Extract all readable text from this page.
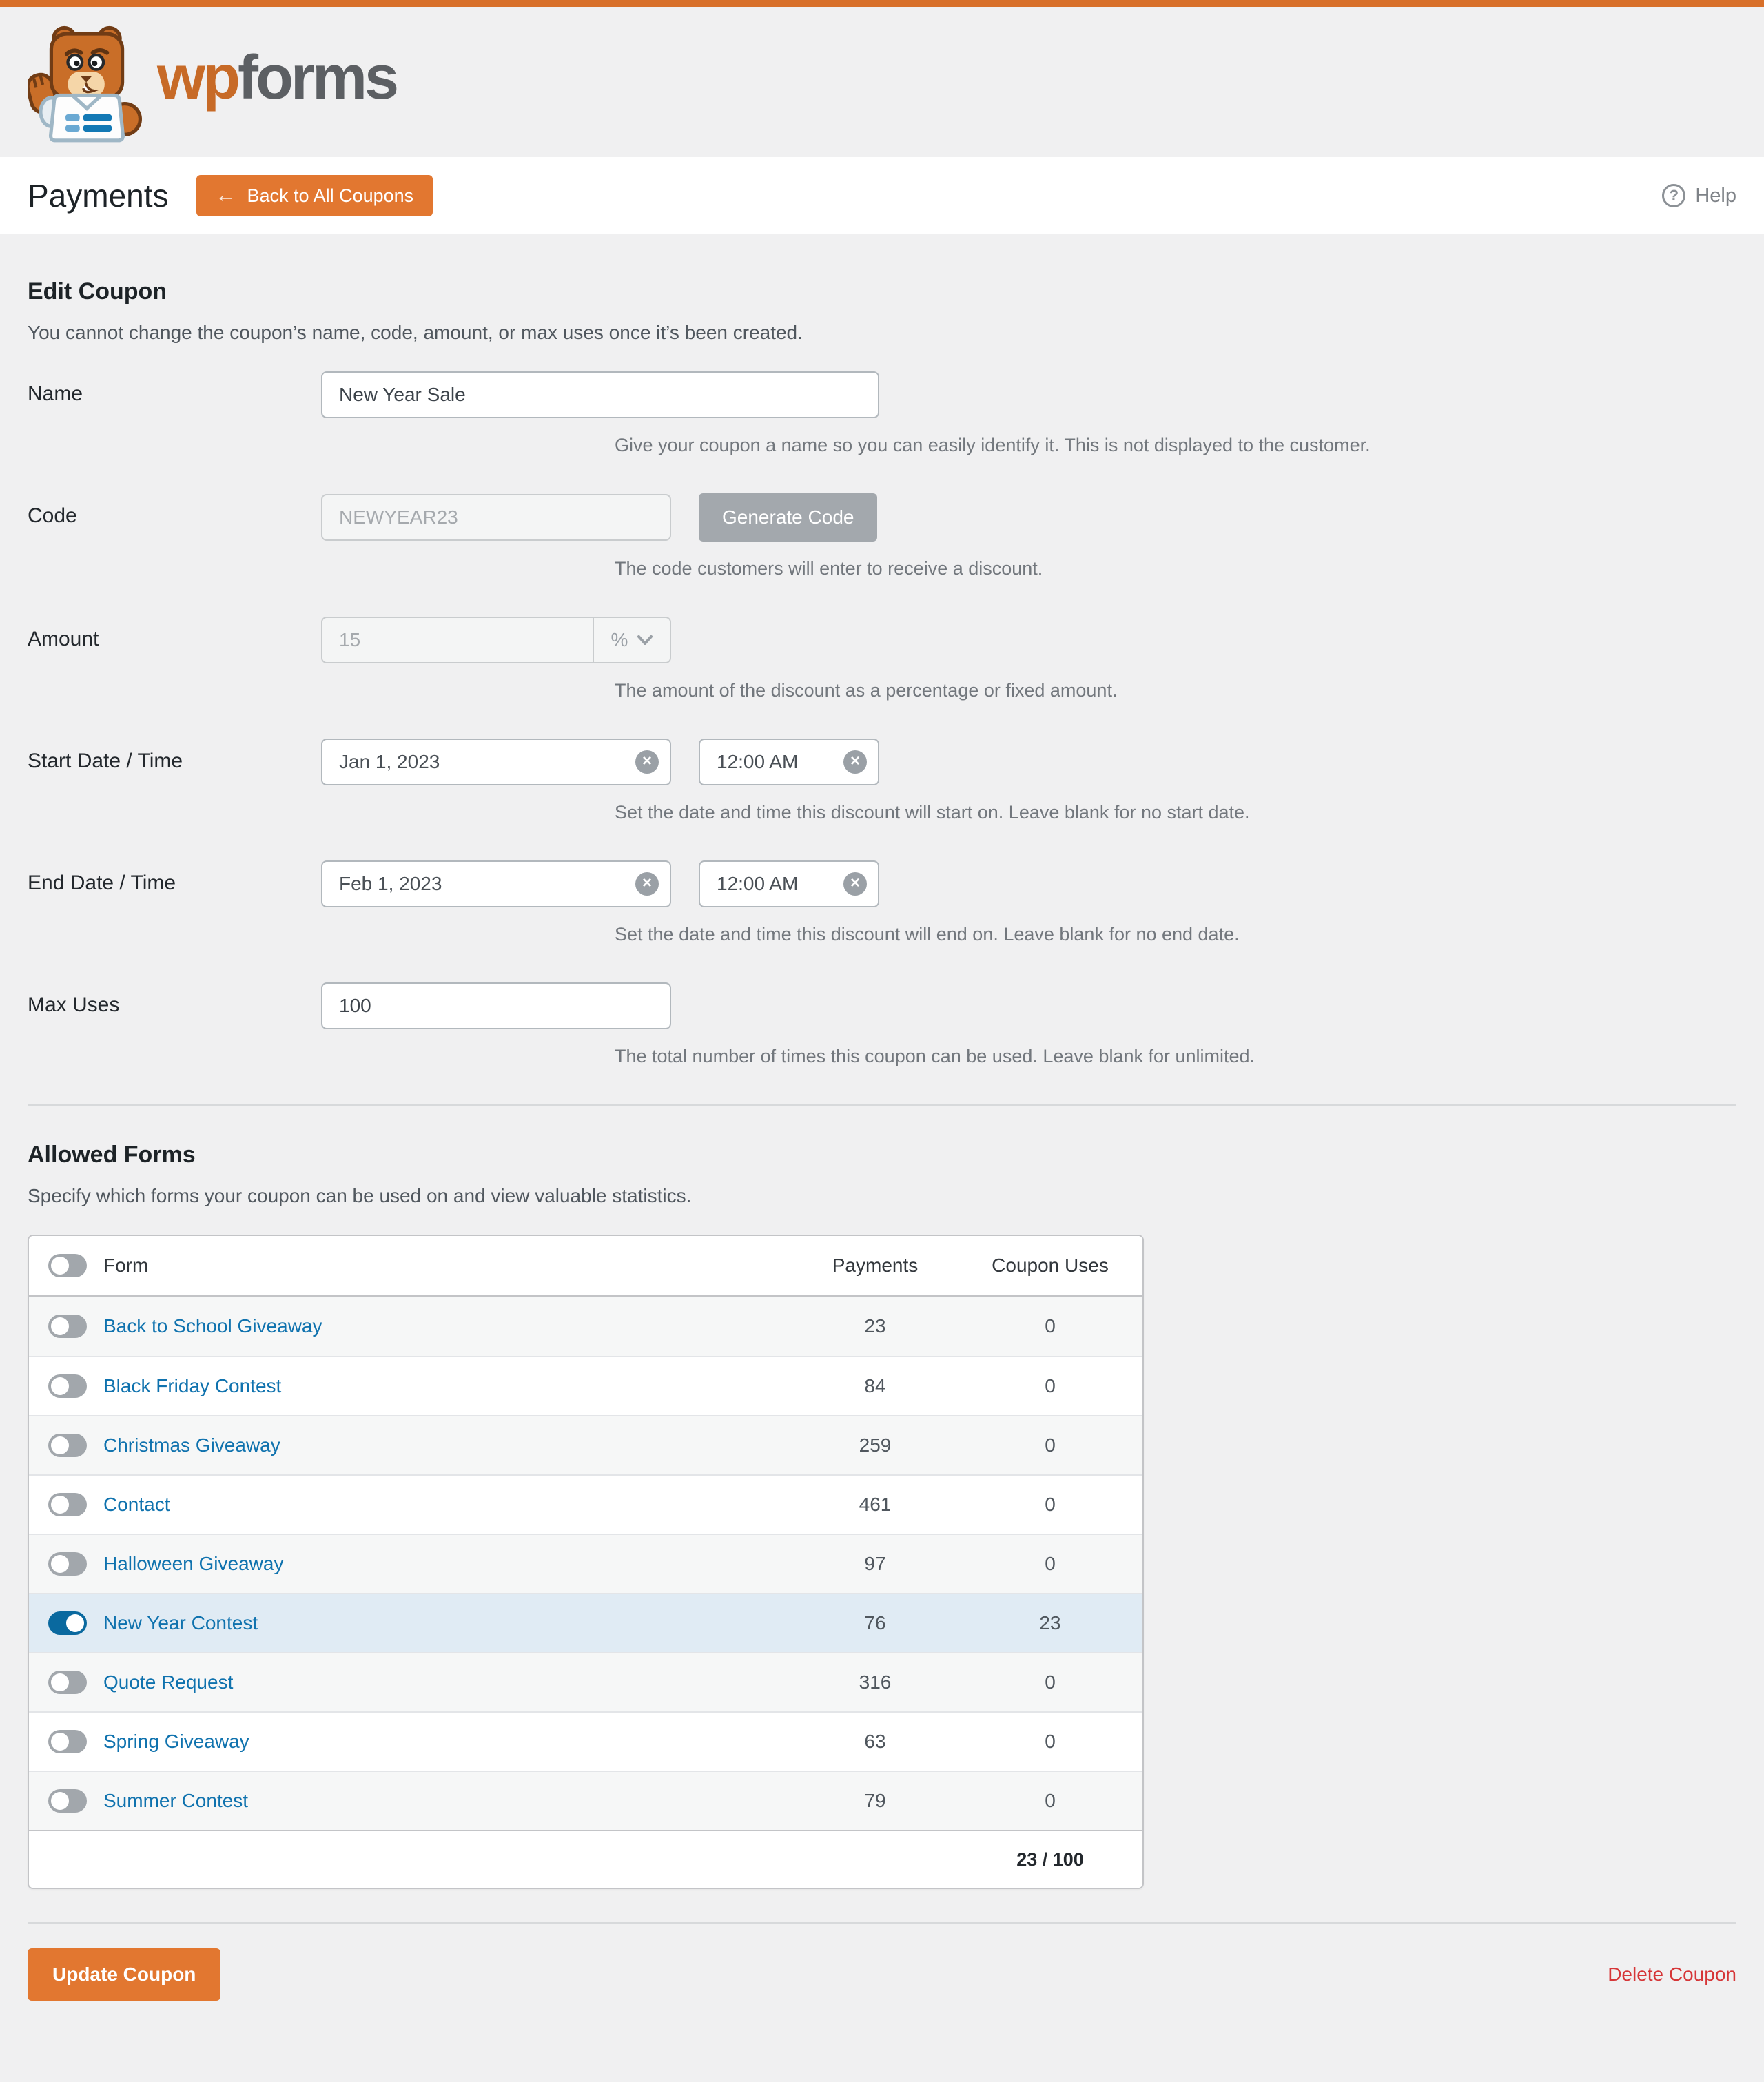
wpforms
Payments	← Back to All Coupons	?	Help
Edit Coupon

You cannot change the coupon’s name, code, amount, or max uses once it’s been created.

Name
New Year Sale
Give your coupon a name so you can easily identify it. This is not displayed to the customer.
Code
NEWYEAR23	Generate Code
The code customers will enter to receive a discount.
Amount	15	%
The amount of the discount as a percentage or fixed amount.
Start Date / Time
Jan 1, 2023	×
12:00 AM	×
Set the date and time this discount will start on. Leave blank for no start date.
End Date / Time
Feb 1, 2023	×
12:00 AM	×
Set the date and time this discount will end on. Leave blank for no end date.
Max Uses
100
The total number of times this coupon can be used. Leave blank for unlimited.
Allowed Forms

Specify which forms your coupon can be used on and view valuable statistics.

Form	Payments	Coupon Uses
Back to School Giveaway	23	0
Black Friday Contest	84	0
Christmas Giveaway	259	0
Contact	461	0
Halloween Giveaway	97	0
New Year Contest	76	23
Quote Request	316	0
Spring Giveaway	63	0
Summer Contest	79	0
23 / 100
Update Coupon	Delete Coupon
